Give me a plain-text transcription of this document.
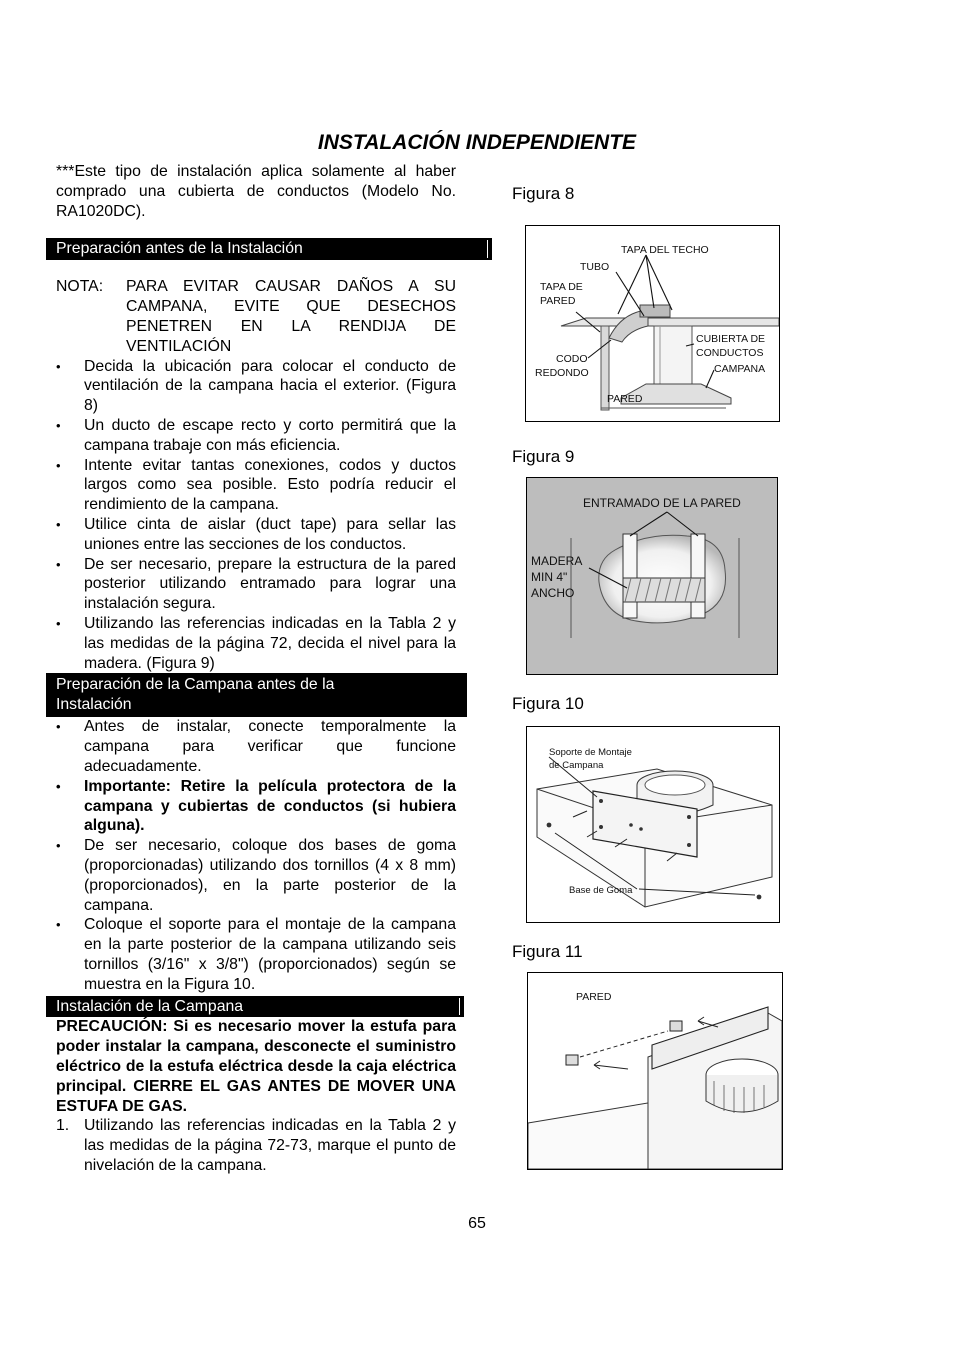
INSTALACIÓN INDEPENDIENTE
***Este tipo de instalación aplica solamente al haber comprado una cubierta de conductos (Modelo No. RA1020DC).
Preparación antes de la Instalación
NOTA:	PARA EVITAR CAUSAR DAÑOS A SU
CAMPANA, EVITE QUE DESECHOS PENETREN EN LA RENDIJA DE VENTILACIÓN
• Decida la ubicación para colocar el conducto de ventilación de la campana hacia el exterior. (Figura 8)
• Un ducto de escape recto y corto permitirá que la campana trabaje con más eficiencia.
• Intente evitar tantas conexiones, codos y ductos largos como sea posible. Esto podría reducir el rendimiento de la campana.
• Utilice cinta de aislar (duct tape) para sellar las uniones entre las secciones de los conductos.
• De ser necesario, prepare la estructura de la pared posterior utilizando entramado para lograr una instalación segura.
• Utilizando las referencias indicadas en la Tabla 2 y las medidas de la página 72, decida el nivel para la madera. (Figura 9)
Preparación de la Campana antes de la
Instalación
• Antes de instalar, conecte temporalmente la campana para verificar que funcione adecuadamente.
• Importante: Retire la película protectora de la campana y cubiertas de conductos (si hubiera alguna).
• De ser necesario, coloque dos bases de goma (proporcionadas) utilizando dos tornillos (4 x 8 mm) (proporcionados), en la parte posterior de la campana.
• Coloque el soporte para el montaje de la campana en la parte posterior de la campana utilizando seis tornillos (3/16" x 3/8") (proporcionados) según se muestra en la Figura 10.
Instalación de la Campana
PRECAUCIÓN: Si es necesario mover la estufa para poder instalar la campana, desconecte el suministro eléctrico de la estufa eléctrica desde la caja eléctrica principal. CIERRE EL GAS ANTES DE MOVER UNA ESTUFA DE GAS.
1. Utilizando las referencias indicadas en la Tabla 2 y las medidas de la página 72-73, marque el punto de nivelación de la campana.
Figura 8
TAPA DEL TECHO
TUBO
TAPA DE
PARED
CUBIERTA DE
CONDUCTOS
CAMPANA
CODO
REDONDO
PARED
Figura 9
ENTRAMADO DE LA PARED
MADERA
MIN 4"
ANCHO
Figura 10
Soporte de Montaje
de Campana
Base de Goma
Figura 11
PARED
65
